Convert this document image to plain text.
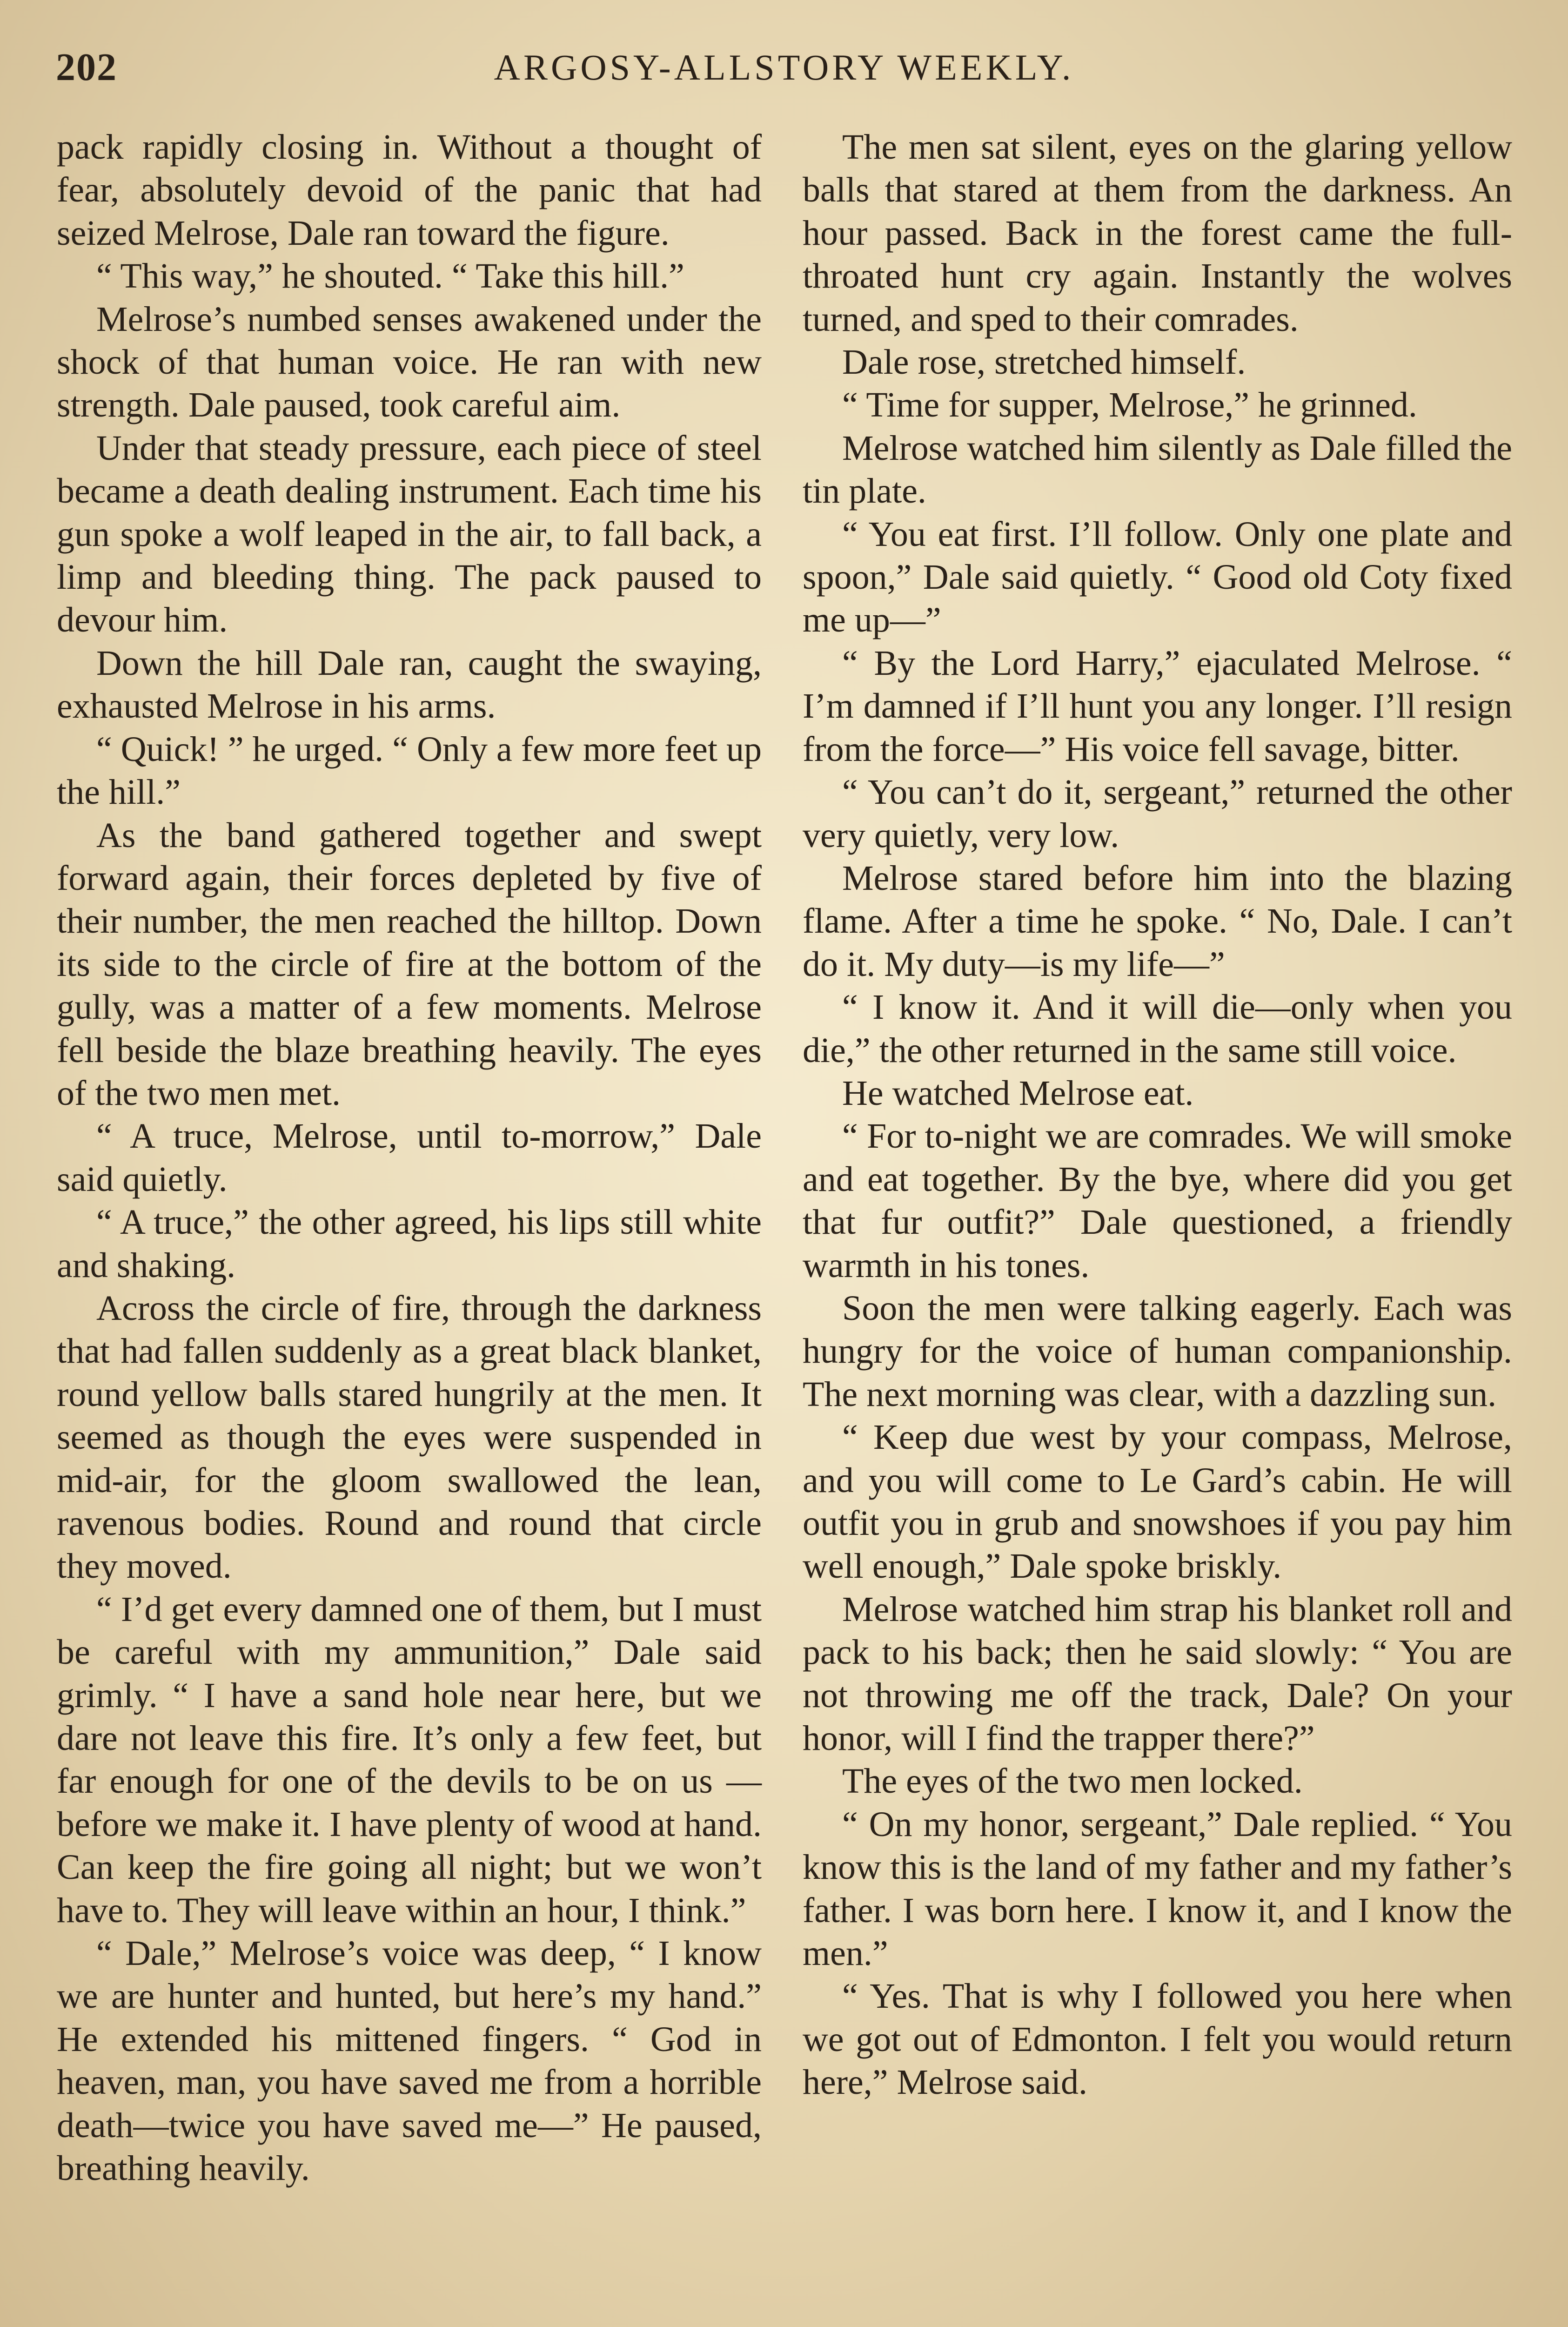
202	ARGOSY-ALLSTORY WEEKLY.

pack rapidly closing in. Without a thought of fear, absolutely devoid of the panic that had seized Melrose, Dale ran toward the figure.

“ This way,” he shouted. “ Take this hill.”

Melrose’s numbed senses awakened under the shock of that human voice. He ran with new strength. Dale paused, took careful aim.

Under that steady pressure, each piece of steel became a death dealing instrument. Each time his gun spoke a wolf leaped in the air, to fall back, a limp and bleeding thing. The pack paused to devour him.

Down the hill Dale ran, caught the swaying, exhausted Melrose in his arms.

“ Quick! ” he urged. “ Only a few more feet up the hill.”

As the band gathered together and swept forward again, their forces depleted by five of their number, the men reached the hilltop. Down its side to the circle of fire at the bottom of the gully, was a matter of a few moments. Melrose fell beside the blaze breathing heavily. The eyes of the two men met.

“ A truce, Melrose, until to-morrow,” Dale said quietly.

“ A truce,” the other agreed, his lips still white and shaking.

Across the circle of fire, through the darkness that had fallen suddenly as a great black blanket, round yellow balls stared hungrily at the men. It seemed as though the eyes were suspended in mid-air, for the gloom swallowed the lean, ravenous bodies. Round and round that circle they moved.

“ I’d get every damned one of them, but I must be careful with my ammunition,” Dale said grimly. “ I have a sand hole near here, but we dare not leave this fire. It’s only a few feet, but far enough for one of the devils to be on us —before we make it. I have plenty of wood at hand. Can keep the fire going all night; but we won’t have to. They will leave within an hour, I think.”

“ Dale,” Melrose’s voice was deep, “ I know we are hunter and hunted, but here’s my hand.” He extended his mittened fingers. “ God in heaven, man, you have saved me from a horrible death—twice you have saved me—” He paused, breathing heavily.

The men sat silent, eyes on the glaring yellow balls that stared at them from the darkness. An hour passed. Back in the forest came the full-throated hunt cry again. Instantly the wolves turned, and sped to their comrades.

Dale rose, stretched himself.

“ Time for supper, Melrose,” he grinned.

Melrose watched him silently as Dale filled the tin plate.

“ You eat first. I’ll follow. Only one plate and spoon,” Dale said quietly. “ Good old Coty fixed me up—”

“ By the Lord Harry,” ejaculated Melrose. “ I’m damned if I’ll hunt you any longer. I’ll resign from the force—” His voice fell savage, bitter.

“ You can’t do it, sergeant,” returned the other very quietly, very low.

Melrose stared before him into the blazing flame. After a time he spoke. “ No, Dale. I can’t do it. My duty—is my life—”

“ I know it. And it will die—only when you die,” the other returned in the same still voice.

He watched Melrose eat.

“ For to-night we are comrades. We will smoke and eat together. By the bye, where did you get that fur outfit?” Dale questioned, a friendly warmth in his tones.

Soon the men were talking eagerly. Each was hungry for the voice of human companionship. The next morning was clear, with a dazzling sun.

“ Keep due west by your compass, Melrose, and you will come to Le Gard’s cabin. He will outfit you in grub and snowshoes if you pay him well enough,” Dale spoke briskly.

Melrose watched him strap his blanket roll and pack to his back; then he said slowly: “ You are not throwing me off the track, Dale? On your honor, will I find the trapper there?”

The eyes of the two men locked.

“ On my honor, sergeant,” Dale replied. “ You know this is the land of my father and my father’s father. I was born here. I know it, and I know the men.”

“ Yes. That is why I followed you here when we got out of Edmonton. I felt you would return here,” Melrose said.
